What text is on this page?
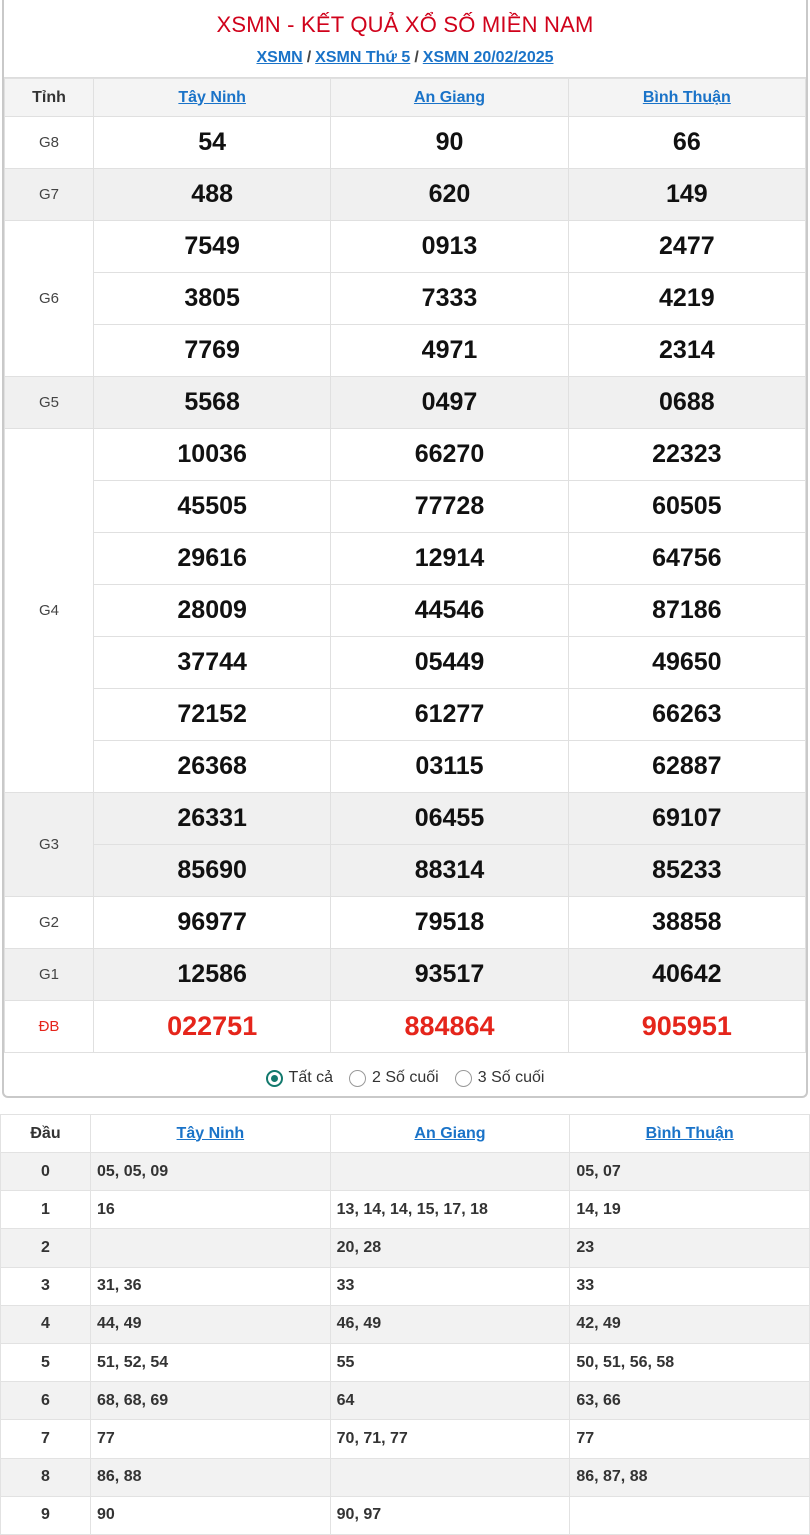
XSMN - KẾT QUẢ XỔ SỐ MIỀN NAM
XSMN / XSMN Thứ 5 / XSMN 20/02/2025
Tỉnh	Tây Ninh	An Giang	Bình Thuận
G8	54	90	66
G7	488	620	149
G6	7549	0913	2477
	3805	7333	4219
	7769	4971	2314
G5	5568	0497	0688
G4	10036	66270	22323
	45505	77728	60505
	29616	12914	64756
	28009	44546	87186
	37744	05449	49650
	72152	61277	66263
	26368	03115	62887
G3	26331	06455	69107
	85690	88314	85233
G2	96977	79518	38858
G1	12586	93517	40642
ĐB	022751	884864	905951
Tất cả 2 Số cuối 3 Số cuối
Đầu	Tây Ninh	An Giang	Bình Thuận
0	05, 05, 09		05, 07
1	16	13, 14, 14, 15, 17, 18	14, 19
2		20, 28	23
3	31, 36	33	33
4	44, 49	46, 49	42, 49
5	51, 52, 54	55	50, 51, 56, 58
6	68, 68, 69	64	63, 66
7	77	70, 71, 77	77
8	86, 88		86, 87, 88
9	90	90, 97	
